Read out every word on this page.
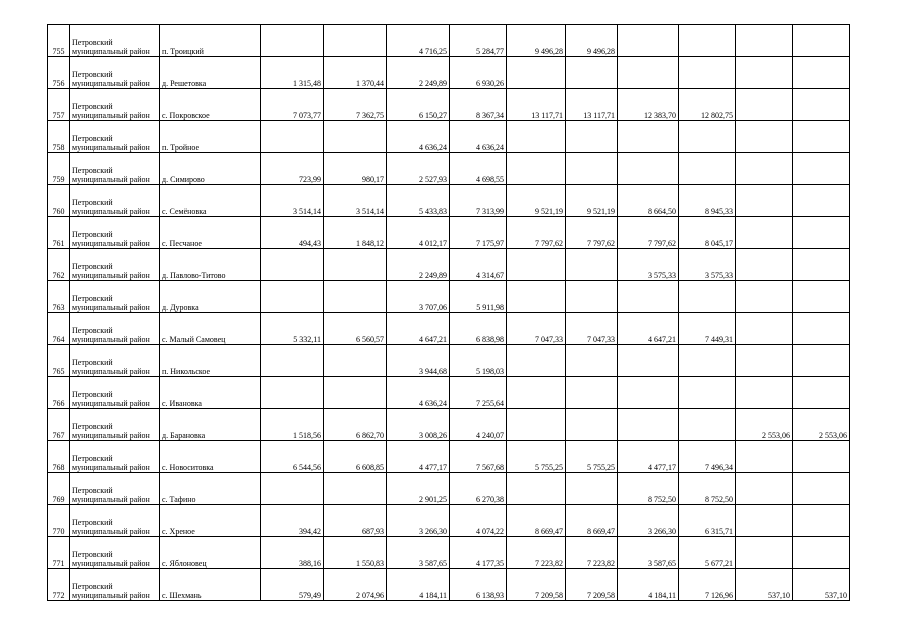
755	Петровский муниципальный район	п. Троицкий			4 716,25	5 284,77	9 496,28	9 496,28				
756	Петровский муниципальный район	д. Решетовка	1 315,48	1 370,44	2 249,89	6 930,26						
757	Петровский муниципальный район	с. Покровское	7 073,77	7 362,75	6 150,27	8 367,34	13 117,71	13 117,71	12 383,70	12 802,75		
758	Петровский муниципальный район	п. Тройное			4 636,24	4 636,24						
759	Петровский муниципальный район	д. Симирово	723,99	980,17	2 527,93	4 698,55						
760	Петровский муниципальный район	с. Семёновка	3 514,14	3 514,14	5 433,83	7 313,99	9 521,19	9 521,19	8 664,50	8 945,33		
761	Петровский муниципальный район	с. Песчаное	494,43	1 848,12	4 012,17	7 175,97	7 797,62	7 797,62	7 797,62	8 045,17		
762	Петровский муниципальный район	д. Павлово-Титово			2 249,89	4 314,67			3 575,33	3 575,33		
763	Петровский муниципальный район	д. Дуровка			3 707,06	5 911,98						
764	Петровский муниципальный район	с. Малый Самовец	5 332,11	6 560,57	4 647,21	6 838,98	7 047,33	7 047,33	4 647,21	7 449,31		
765	Петровский муниципальный район	п. Никольское			3 944,68	5 198,03						
766	Петровский муниципальный район	с. Ивановка			4 636,24	7 255,64						
767	Петровский муниципальный район	д. Барановка	1 518,56	6 862,70	3 008,26	4 240,07					2 553,06	2 553,06
768	Петровский муниципальный район	с. Новоситовка	6 544,56	6 608,85	4 477,17	7 567,68	5 755,25	5 755,25	4 477,17	7 496,34		
769	Петровский муниципальный район	с. Тафино			2 901,25	6 270,38			8 752,50	8 752,50		
770	Петровский муниципальный район	с. Хреное	394,42	687,93	3 266,30	4 074,22	8 669,47	8 669,47	3 266,30	6 315,71		
771	Петровский муниципальный район	с. Яблоновец	388,16	1 550,83	3 587,65	4 177,35	7 223,82	7 223,82	3 587,65	5 677,21		
772	Петровский муниципальный район	с. Шехмань	579,49	2 074,96	4 184,11	6 138,93	7 209,58	7 209,58	4 184,11	7 126,96	537,10	537,10
